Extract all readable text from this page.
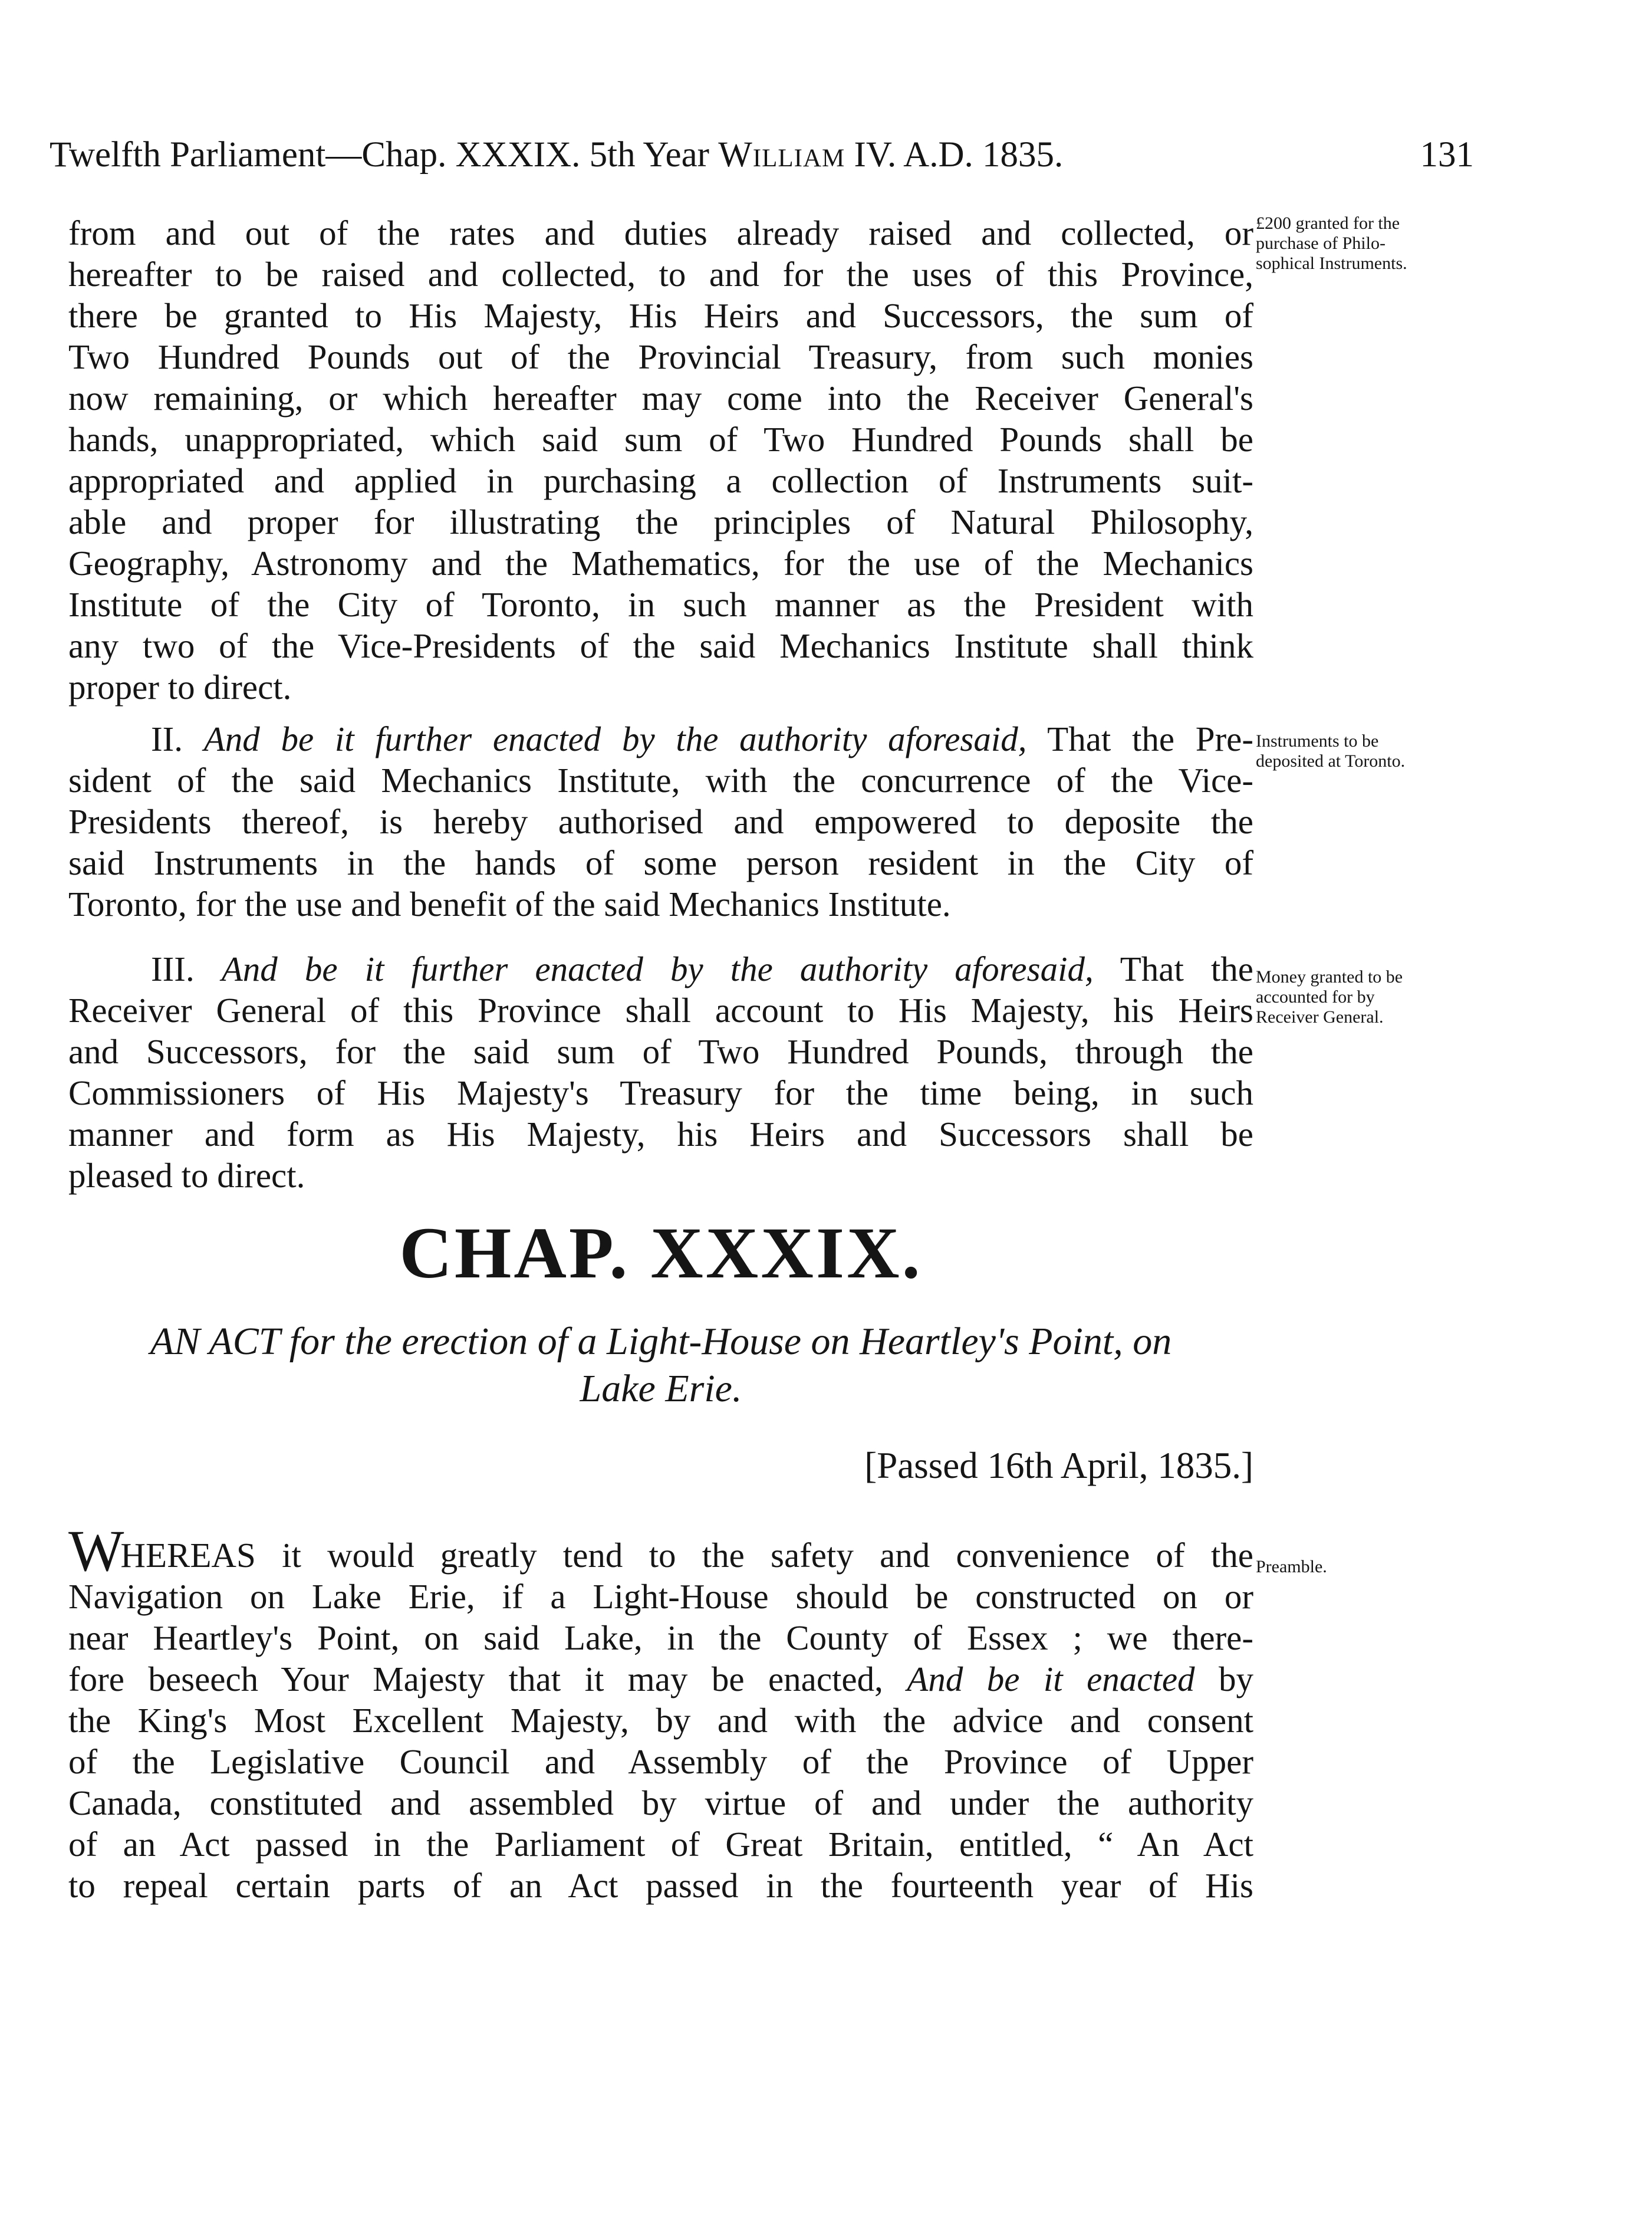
Twelfth Parliament—Chap. XXXIX. 5th Year William IV. A.D. 1835.	131
from and out of the rates and duties already raised and collected, or
hereafter to be raised and collected, to and for the uses of this Province,
there be granted to His Majesty, His Heirs and Successors, the sum of
Two Hundred Pounds out of the Provincial Treasury, from such monies
now remaining, or which hereafter may come into the Receiver General's
hands, unappropriated, which said sum of Two Hundred Pounds shall be
appropriated and applied in purchasing a collection of Instruments suit-
able and proper for illustrating the principles of Natural Philosophy,
Geography, Astronomy and the Mathematics, for the use of the Mechanics
Institute of the City of Toronto, in such manner as the President with
any two of the Vice-Presidents of the said Mechanics Institute shall think
proper to direct.
II. And be it further enacted by the authority aforesaid, That the Pre-
sident of the said Mechanics Institute, with the concurrence of the Vice-
Presidents thereof, is hereby authorised and empowered to deposite the
said Instruments in the hands of some person resident in the City of
Toronto, for the use and benefit of the said Mechanics Institute.
III. And be it further enacted by the authority aforesaid, That the
Receiver General of this Province shall account to His Majesty, his Heirs
and Successors, for the said sum of Two Hundred Pounds, through the
Commissioners of His Majesty's Treasury for the time being, in such
manner and form as His Majesty, his Heirs and Successors shall be
pleased to direct.
CHAP. XXXIX.
AN ACT for the erection of a Light-House on Heartley's Point, on
Lake Erie.
[Passed 16th April, 1835.]
WHEREAS it would greatly tend to the safety and convenience of the
Navigation on Lake Erie, if a Light-House should be constructed on or
near Heartley's Point, on said Lake, in the County of Essex ; we there-
fore beseech Your Majesty that it may be enacted, And be it enacted by
the King's Most Excellent Majesty, by and with the advice and consent
of the Legislative Council and Assembly of the Province of Upper
Canada, constituted and assembled by virtue of and under the authority
of an Act passed in the Parliament of Great Britain, entitled, “ An Act
to repeal certain parts of an Act passed in the fourteenth year of His
£200 granted for the
purchase of Philo-
sophical Instruments.
Instruments to be
deposited at Toronto.
Money granted to be
accounted for by
Receiver General.
Preamble.
